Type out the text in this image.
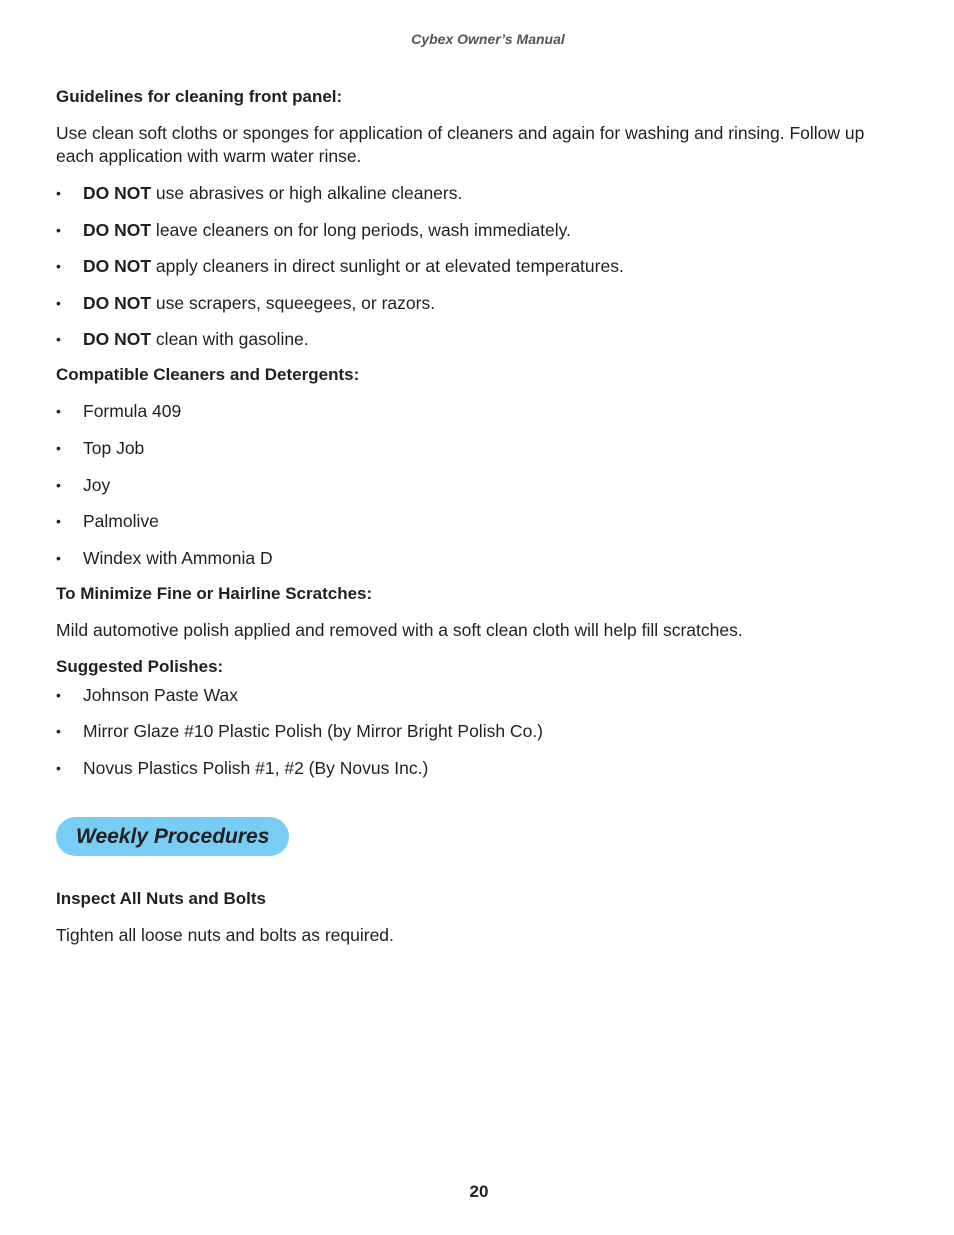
Cybex Owner’s Manual
Guidelines for cleaning front panel:
Use clean soft cloths or sponges for application of cleaners and again for washing and rinsing. Follow up each application with warm water rinse.
• DO NOT use abrasives or high alkaline cleaners.
• DO NOT leave cleaners on for long periods, wash immediately.
• DO NOT apply cleaners in direct sunlight or at elevated temperatures.
• DO NOT use scrapers, squeegees, or razors.
• DO NOT clean with gasoline.
Compatible Cleaners and Detergents:
• Formula 409
• Top Job
• Joy
• Palmolive
• Windex with Ammonia D
To Minimize Fine or Hairline Scratches:
Mild automotive polish applied and removed with a soft clean cloth will help fill scratches.
Suggested Polishes:
• Johnson Paste Wax
• Mirror Glaze #10 Plastic Polish (by Mirror Bright Polish Co.)
• Novus Plastics Polish #1, #2 (By Novus Inc.)
Weekly Procedures
Inspect All Nuts and Bolts
Tighten all loose nuts and bolts as required.
20
